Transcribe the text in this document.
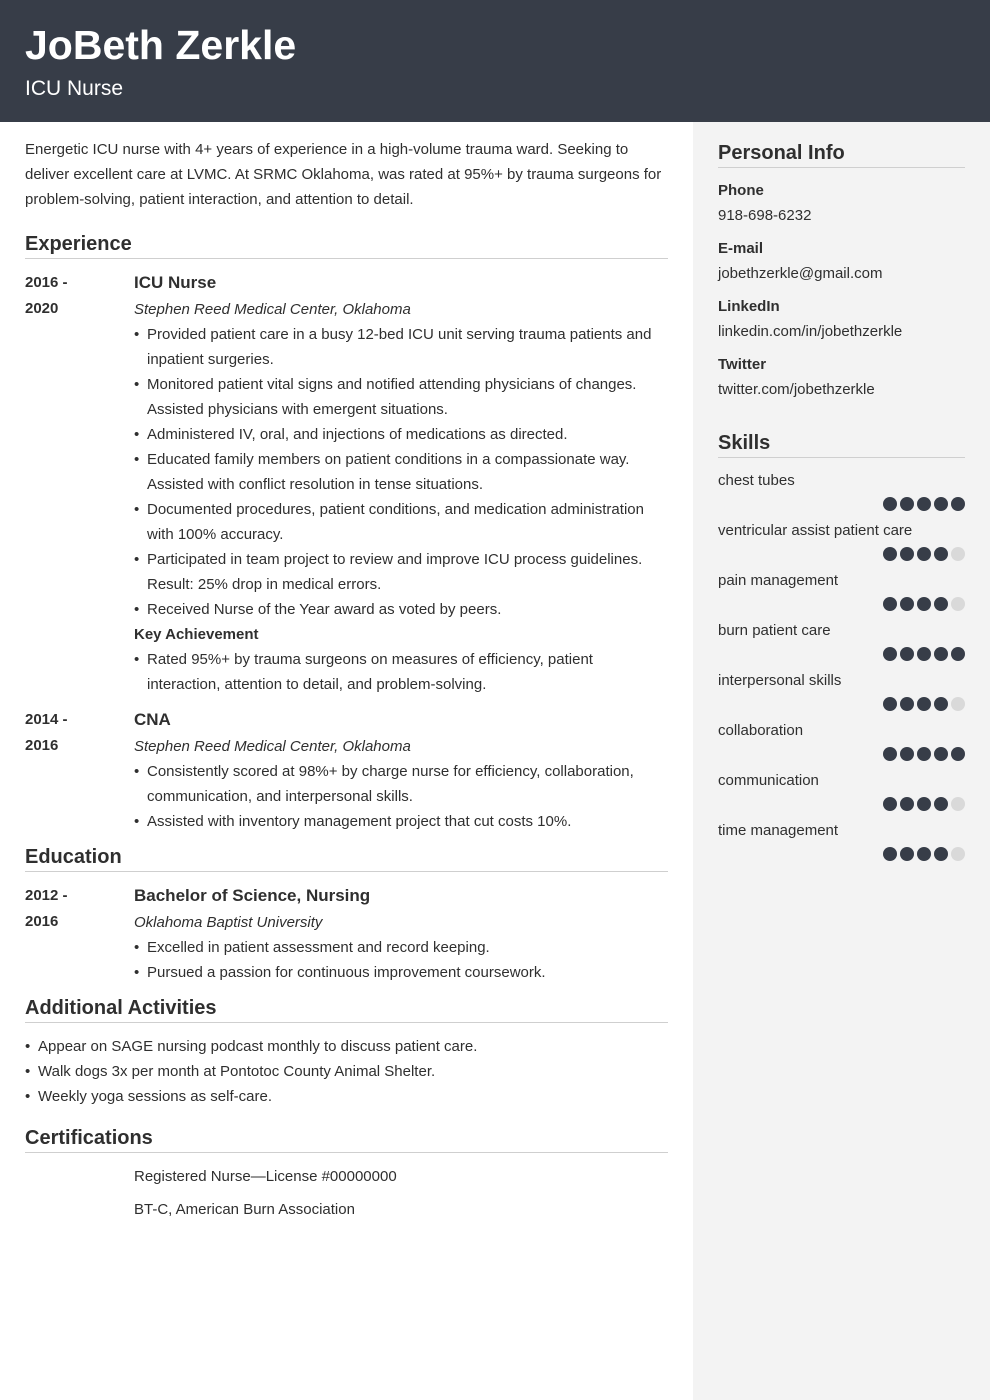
JoBeth Zerkle
ICU Nurse

Energetic ICU nurse with 4+ years of experience in a high-volume trauma ward. Seeking to deliver excellent care at LVMC. At SRMC Oklahoma, was rated at 95%+ by trauma surgeons for problem-solving, patient interaction, and attention to detail.

Experience
2016 -
2020
ICU Nurse
Stephen Reed Medical Center, Oklahoma
• Provided patient care in a busy 12-bed ICU unit serving trauma patients and inpatient surgeries.
• Monitored patient vital signs and notified attending physicians of changes. Assisted physicians with emergent situations.
• Administered IV, oral, and injections of medications as directed.
• Educated family members on patient conditions in a compassionate way. Assisted with conflict resolution in tense situations.
• Documented procedures, patient conditions, and medication administration with 100% accuracy.
• Participated in team project to review and improve ICU process guidelines. Result: 25% drop in medical errors.
• Received Nurse of the Year award as voted by peers.
Key Achievement
• Rated 95%+ by trauma surgeons on measures of efficiency, patient interaction, attention to detail, and problem-solving.
2014 -
2016
CNA
Stephen Reed Medical Center, Oklahoma
• Consistently scored at 98%+ by charge nurse for efficiency, collaboration, communication, and interpersonal skills.
• Assisted with inventory management project that cut costs 10%.
Education
2012 -
2016
Bachelor of Science, Nursing
Oklahoma Baptist University
• Excelled in patient assessment and record keeping.
• Pursued a passion for continuous improvement coursework.
Additional Activities
• Appear on SAGE nursing podcast monthly to discuss patient care.
• Walk dogs 3x per month at Pontotoc County Animal Shelter.
• Weekly yoga sessions as self-care.
Certifications
Registered Nurse—License #00000000
BT-C, American Burn Association
Personal Info
Phone
918-698-6232
E-mail
jobethzerkle@gmail.com
LinkedIn
linkedin.com/in/jobethzerkle
Twitter
twitter.com/jobethzerkle
Skills
chest tubes
ventricular assist patient care
pain management
burn patient care
interpersonal skills
collaboration
communication
time management
